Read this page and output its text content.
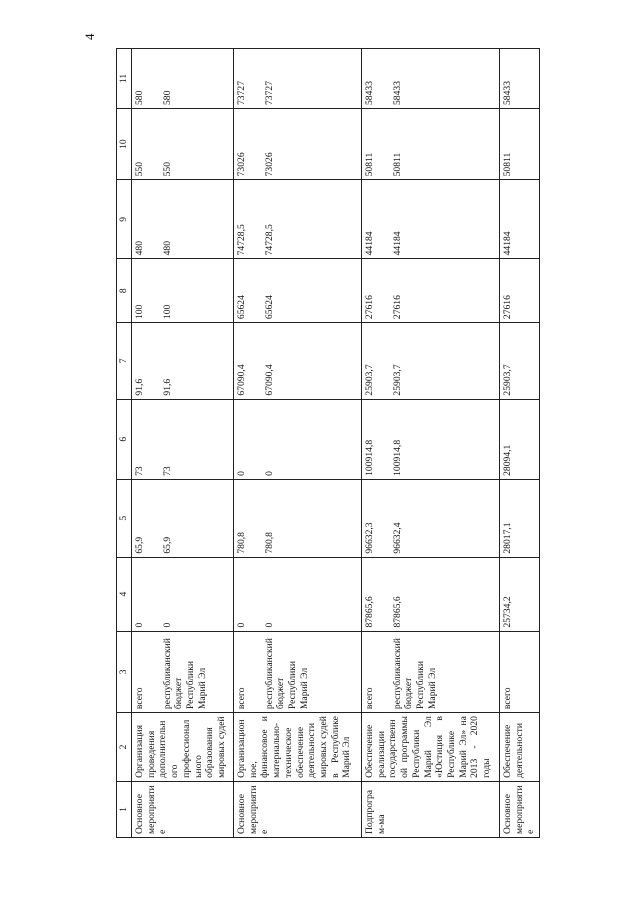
4
1	2	3	4	5	6	7	8	9	10	11
Основное мероприятие	Организация проведения дополнительного профессионального образования мировых судей	всего республиканский бюджет Республики Марий Эл	0 0	65,9 65,9	73 73	91,6 91,6	100 100	480 480	550 550	580 580

Основное мероприятие	Организационное, финансовое и материально-техническое обеспечение деятельности мировых судей в Республике Марий Эл	всего республиканский бюджет Республики Марий Эл	0 0	780,8 780,8	0 0	67090,4 67090,4	65624 65624	74728,5 74728,5	73026 73026	73727 73727

Подпрограм-ма	Обеспечение реализации государственной программы Республики Марий Эл «Юстиция в Республике Марий Эл» на 2013 - 2020 годы	всего республиканский бюджет Республики Марий Эл	87865,6 87865,6	96632,3 96632,4	100914,8 100914,8	25903,7 25903,7	27616 27616	44184 44184	50811 50811	58433 58433

Основное мероприятие	Обеспечение деятельности	всего	25734,2	28017,1	28094,1	25903,7	27616	44184	50811	58433
